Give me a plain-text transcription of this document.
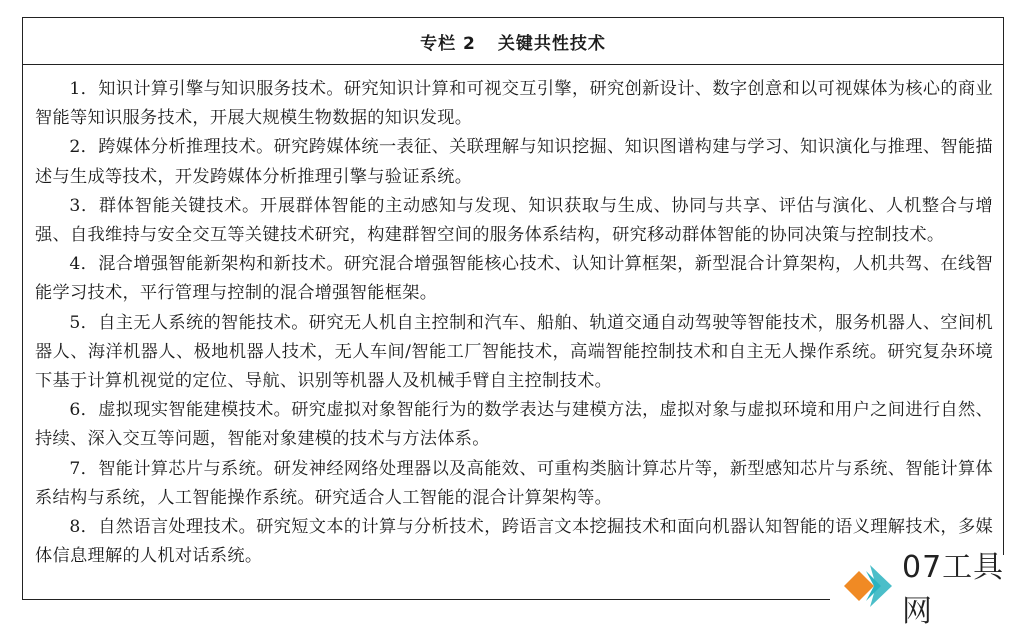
专栏 2 关键共性技术

1．知识计算引擎与知识服务技术。研究知识计算和可视交互引擎，研究创新设计、数字创意和以可视媒体为核心的商业智能等知识服务技术，开展大规模生物数据的知识发现。

2．跨媒体分析推理技术。研究跨媒体统一表征、关联理解与知识挖掘、知识图谱构建与学习、知识演化与推理、智能描述与生成等技术，开发跨媒体分析推理引擎与验证系统。

3．群体智能关键技术。开展群体智能的主动感知与发现、知识获取与生成、协同与共享、评估与演化、人机整合与增强、自我维持与安全交互等关键技术研究，构建群智空间的服务体系结构，研究移动群体智能的协同决策与控制技术。

4．混合增强智能新架构和新技术。研究混合增强智能核心技术、认知计算框架，新型混合计算架构，人机共驾、在线智能学习技术，平行管理与控制的混合增强智能框架。

5．自主无人系统的智能技术。研究无人机自主控制和汽车、船舶、轨道交通自动驾驶等智能技术，服务机器人、空间机器人、海洋机器人、极地机器人技术，无人车间/智能工厂智能技术，高端智能控制技术和自主无人操作系统。研究复杂环境下基于计算机视觉的定位、导航、识别等机器人及机械手臂自主控制技术。

6．虚拟现实智能建模技术。研究虚拟对象智能行为的数学表达与建模方法，虚拟对象与虚拟环境和用户之间进行自然、持续、深入交互等问题，智能对象建模的技术与方法体系。

7．智能计算芯片与系统。研发神经网络处理器以及高能效、可重构类脑计算芯片等，新型感知芯片与系统、智能计算体系结构与系统，人工智能操作系统。研究适合人工智能的混合计算架构等。

8．自然语言处理技术。研究短文本的计算与分析技术，跨语言文本挖掘技术和面向机器认知智能的语义理解技术，多媒体信息理解的人机对话系统。	07工具网
